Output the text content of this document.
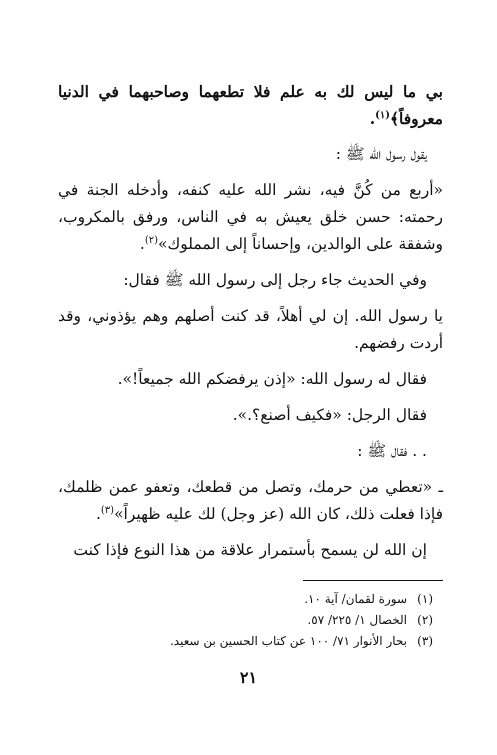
بي ما ليس لك به علم فلا تطعهما وصاحبهما في الدنيا معروفاً﴾$^{(١)}$.

يقول رسول الله ﷺ :

«أربع من كُنَّ فيه، نشر الله عليه كنفه، وأدخله الجنة في رحمته: حسن خلق يعيش به في الناس، ورفق بالمكروب، وشفقة على الوالدين، وإحساناً إلى المملوك»$^{(٢)}$.

وفي الحديث جاء رجل إلى رسول الله ﷺ فقال:

يا رسول الله. إن لي أهلاً، قد كنت أصلهم وهم يؤذوني، وقد أردت رفضهم.

فقال له رسول الله: «إذن يرفضكم الله جميعاً!».

فقال الرجل: «فكيف أصنع؟.».

. . فقال ﷺ :

ـ «تعطي من حرمك، وتصل من قطعك، وتعفو عمن ظلمك، فإذا فعلت ذلك، كان الله (عز وجل) لك عليه ظهيراً»$^{(٣)}$.

إن الله لن يسمح بأستمرار علاقة من هذا النوع فإذا كنت

(١)سورة لقمان/ آية ١٠.

(٢)الخصال ١/ ٢٢٥/ ٥٧.

(٣)بحار الأنوار ٧١/ ١٠٠ عن كتاب الحسين بن سعيد.

٢١
